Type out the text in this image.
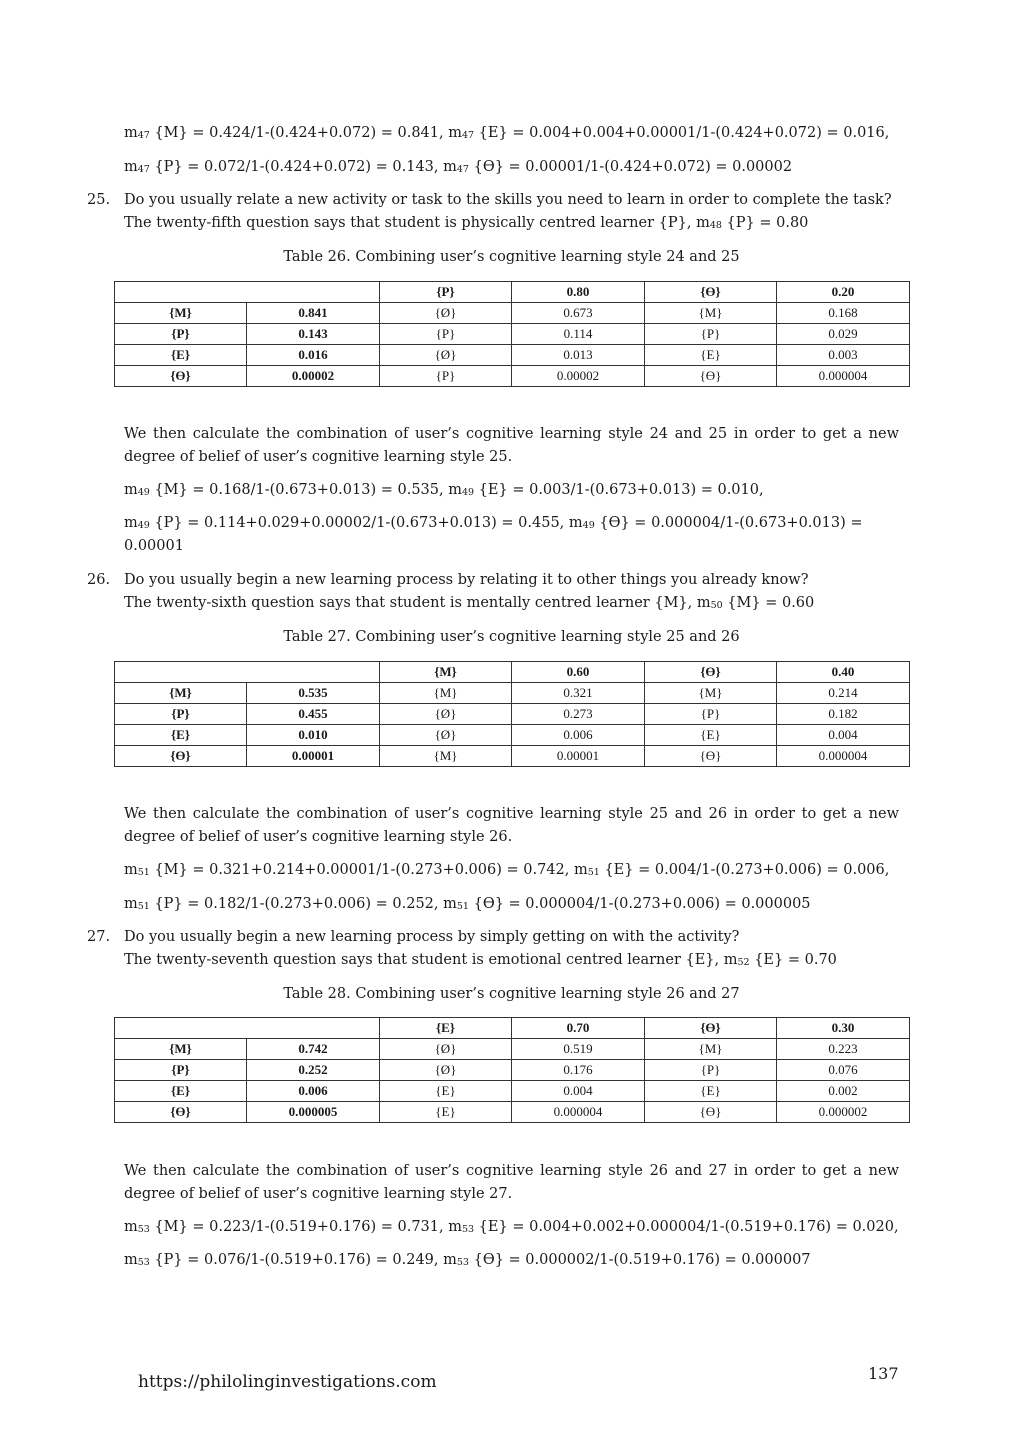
$m_{47}$ {M} = 0.424/1-(0.424+0.072) = 0.841, $m_{47}$ {E} = 0.004+0.004+0.00001/1-(0.424+0.072) = 0.016,
$m_{47}$ {P} = 0.072/1-(0.424+0.072) = 0.143, $m_{47}$ {ϴ} = 0.00001/1-(0.424+0.072) = 0.00002
25. Do you usually relate a new activity or task to the skills you need to learn in order to complete the task?
The twenty-fifth question says that student is physically centred learner {P}, $m_{48}$ {P} = 0.80
Table 26. Combining user’s cognitive learning style 24 and 25
		{P}	0.80	{ϴ}	0.20
{M}	0.841	{Ø}	0.673	{M}	0.168
{P}	0.143	{P}	0.114	{P}	0.029
{E}	0.016	{Ø}	0.013	{E}	0.003
{ϴ}	0.00002	{P}	0.00002	{ϴ}	0.000004
We then calculate the combination of user’s cognitive learning style 24 and 25 in order to get a new
degree of belief of user’s cognitive learning style 25.
$m_{49}$ {M} = 0.168/1-(0.673+0.013) = 0.535, $m_{49}$ {E} = 0.003/1-(0.673+0.013) = 0.010,
$m_{49}$ {P} = 0.114+0.029+0.00002/1-(0.673+0.013) = 0.455, $m_{49}$ {ϴ} = 0.000004/1-(0.673+0.013) =
0.00001
26. Do you usually begin a new learning process by relating it to other things you already know?
The twenty-sixth question says that student is mentally centred learner {M}, $m_{50}$ {M} = 0.60
Table 27. Combining user’s cognitive learning style 25 and 26
		{M}	0.60	{ϴ}	0.40
{M}	0.535	{M}	0.321	{M}	0.214
{P}	0.455	{Ø}	0.273	{P}	0.182
{E}	0.010	{Ø}	0.006	{E}	0.004
{ϴ}	0.00001	{M}	0.00001	{ϴ}	0.000004
We then calculate the combination of user’s cognitive learning style 25 and 26 in order to get a new
degree of belief of user’s cognitive learning style 26.
$m_{51}$ {M} = 0.321+0.214+0.00001/1-(0.273+0.006) = 0.742, $m_{51}$ {E} = 0.004/1-(0.273+0.006) = 0.006,
$m_{51}$ {P} = 0.182/1-(0.273+0.006) = 0.252, $m_{51}$ {ϴ} = 0.000004/1-(0.273+0.006) = 0.000005
27. Do you usually begin a new learning process by simply getting on with the activity?
The twenty-seventh question says that student is emotional centred learner {E}, $m_{52}$ {E} = 0.70
Table 28. Combining user’s cognitive learning style 26 and 27
		{E}	0.70	{ϴ}	0.30
{M}	0.742	{Ø}	0.519	{M}	0.223
{P}	0.252	{Ø}	0.176	{P}	0.076
{E}	0.006	{E}	0.004	{E}	0.002
{ϴ}	0.000005	{E}	0.000004	{ϴ}	0.000002
We then calculate the combination of user’s cognitive learning style 26 and 27 in order to get a new
degree of belief of user’s cognitive learning style 27.
$m_{53}$ {M} = 0.223/1-(0.519+0.176) = 0.731, $m_{53}$ {E} = 0.004+0.002+0.000004/1-(0.519+0.176) = 0.020,
$m_{53}$ {P} = 0.076/1-(0.519+0.176) = 0.249, $m_{53}$ {ϴ} = 0.000002/1-(0.519+0.176) = 0.000007
https://philolinginvestigations.com	137
